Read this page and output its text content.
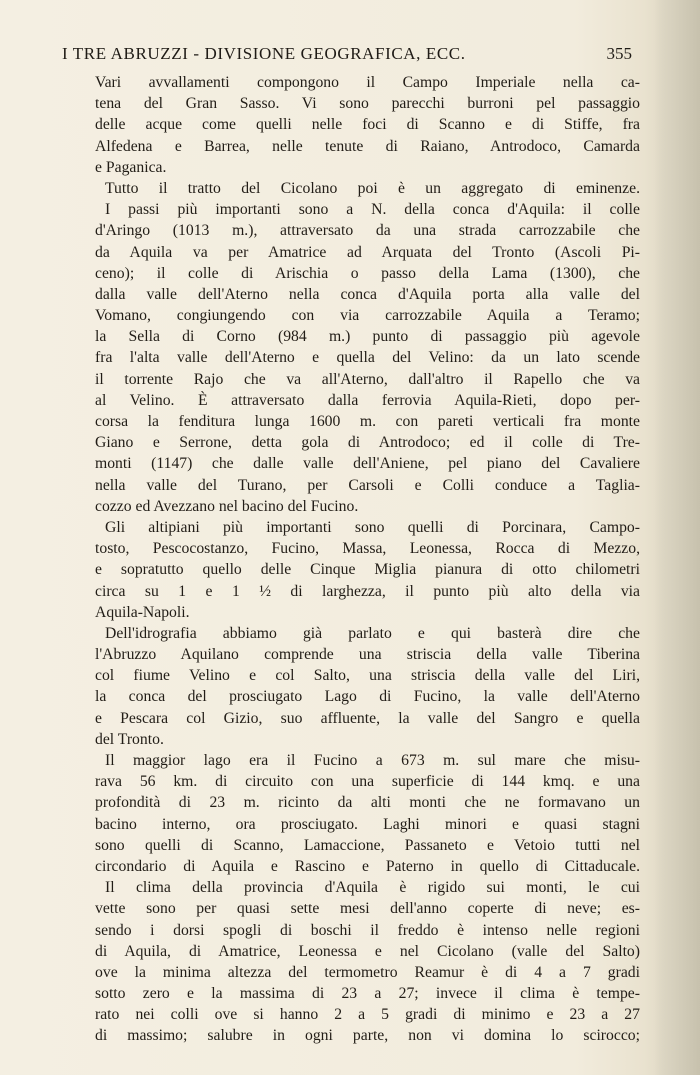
I TRE ABRUZZI - DIVISIONE GEOGRAFICA, ECC.	355
Vari avvallamenti compongono il Campo Imperiale nella ca-
tena del Gran Sasso. Vi sono parecchi burroni pel passaggio
delle acque come quelli nelle foci di Scanno e di Stiffe, fra
Alfedena e Barrea, nelle tenute di Raiano, Antrodoco, Camarda
e Paganica.
Tutto il tratto del Cicolano poi è un aggregato di eminenze.
I passi più importanti sono a N. della conca d'Aquila: il colle
d'Aringo (1013 m.), attraversato da una strada carrozzabile che
da Aquila va per Amatrice ad Arquata del Tronto (Ascoli Pi-
ceno); il colle di Arischia o passo della Lama (1300), che
dalla valle dell'Aterno nella conca d'Aquila porta alla valle del
Vomano, congiungendo con via carrozzabile Aquila a Teramo;
la Sella di Corno (984 m.) punto di passaggio più agevole
fra l'alta valle dell'Aterno e quella del Velino: da un lato scende
il torrente Rajo che va all'Aterno, dall'altro il Rapello che va
al Velino. È attraversato dalla ferrovia Aquila-Rieti, dopo per-
corsa la fenditura lunga 1600 m. con pareti verticali fra monte
Giano e Serrone, detta gola di Antrodoco; ed il colle di Tre-
monti (1147) che dalle valle dell'Aniene, pel piano del Cavaliere
nella valle del Turano, per Carsoli e Colli conduce a Taglia-
cozzo ed Avezzano nel bacino del Fucino.
Gli altipiani più importanti sono quelli di Porcinara, Campo-
tosto, Pescocostanzo, Fucino, Massa, Leonessa, Rocca di Mezzo,
e sopratutto quello delle Cinque Miglia pianura di otto chilometri
circa su 1 e 1 ½ di larghezza, il punto più alto della via
Aquila-Napoli.
Dell'idrografia abbiamo già parlato e qui basterà dire che
l'Abruzzo Aquilano comprende una striscia della valle Tiberina
col fiume Velino e col Salto, una striscia della valle del Liri,
la conca del prosciugato Lago di Fucino, la valle dell'Aterno
e Pescara col Gizio, suo affluente, la valle del Sangro e quella
del Tronto.
Il maggior lago era il Fucino a 673 m. sul mare che misu-
rava 56 km. di circuito con una superficie di 144 kmq. e una
profondità di 23 m. ricinto da alti monti che ne formavano un
bacino interno, ora prosciugato. Laghi minori e quasi stagni
sono quelli di Scanno, Lamaccione, Passaneto e Vetoio tutti nel
circondario di Aquila e Rascino e Paterno in quello di Cittaducale.
Il clima della provincia d'Aquila è rigido sui monti, le cui
vette sono per quasi sette mesi dell'anno coperte di neve; es-
sendo i dorsi spogli di boschi il freddo è intenso nelle regioni
di Aquila, di Amatrice, Leonessa e nel Cicolano (valle del Salto)
ove la minima altezza del termometro Reamur è di 4 a 7 gradi
sotto zero e la massima di 23 a 27; invece il clima è tempe-
rato nei colli ove si hanno 2 a 5 gradi di minimo e 23 a 27
di massimo; salubre in ogni parte, non vi domina lo scirocco;
